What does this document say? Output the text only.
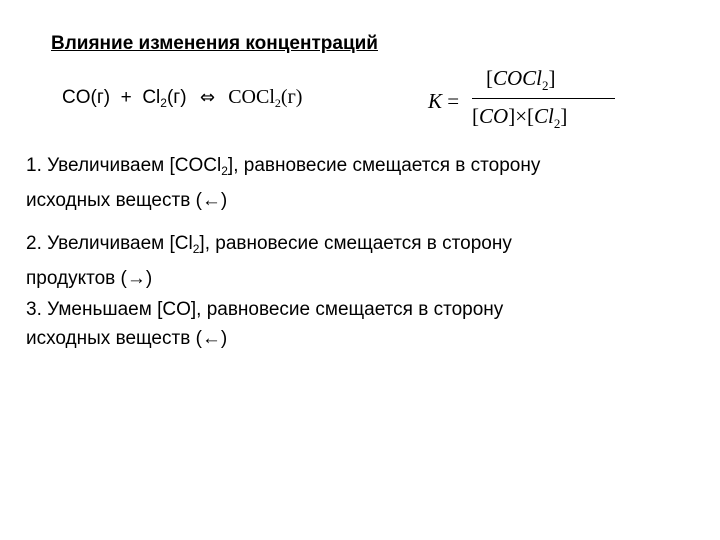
Влияние изменения концентраций
$CO(г) + Cl_2(г)$ ⇔ COCl$_2$(г)	K =
[COCl$_2$]
$[CO]\times[Cl_2]$
1. Увеличиваем [COCl$_2$], равновесие смещается в сторону
исходных веществ (←)
2. Увеличиваем $[Cl_2]$, равновесие смещается в сторону
продуктов (→)
3. Уменьшаем [CO], равновесие смещается в сторону
исходных веществ (←)
